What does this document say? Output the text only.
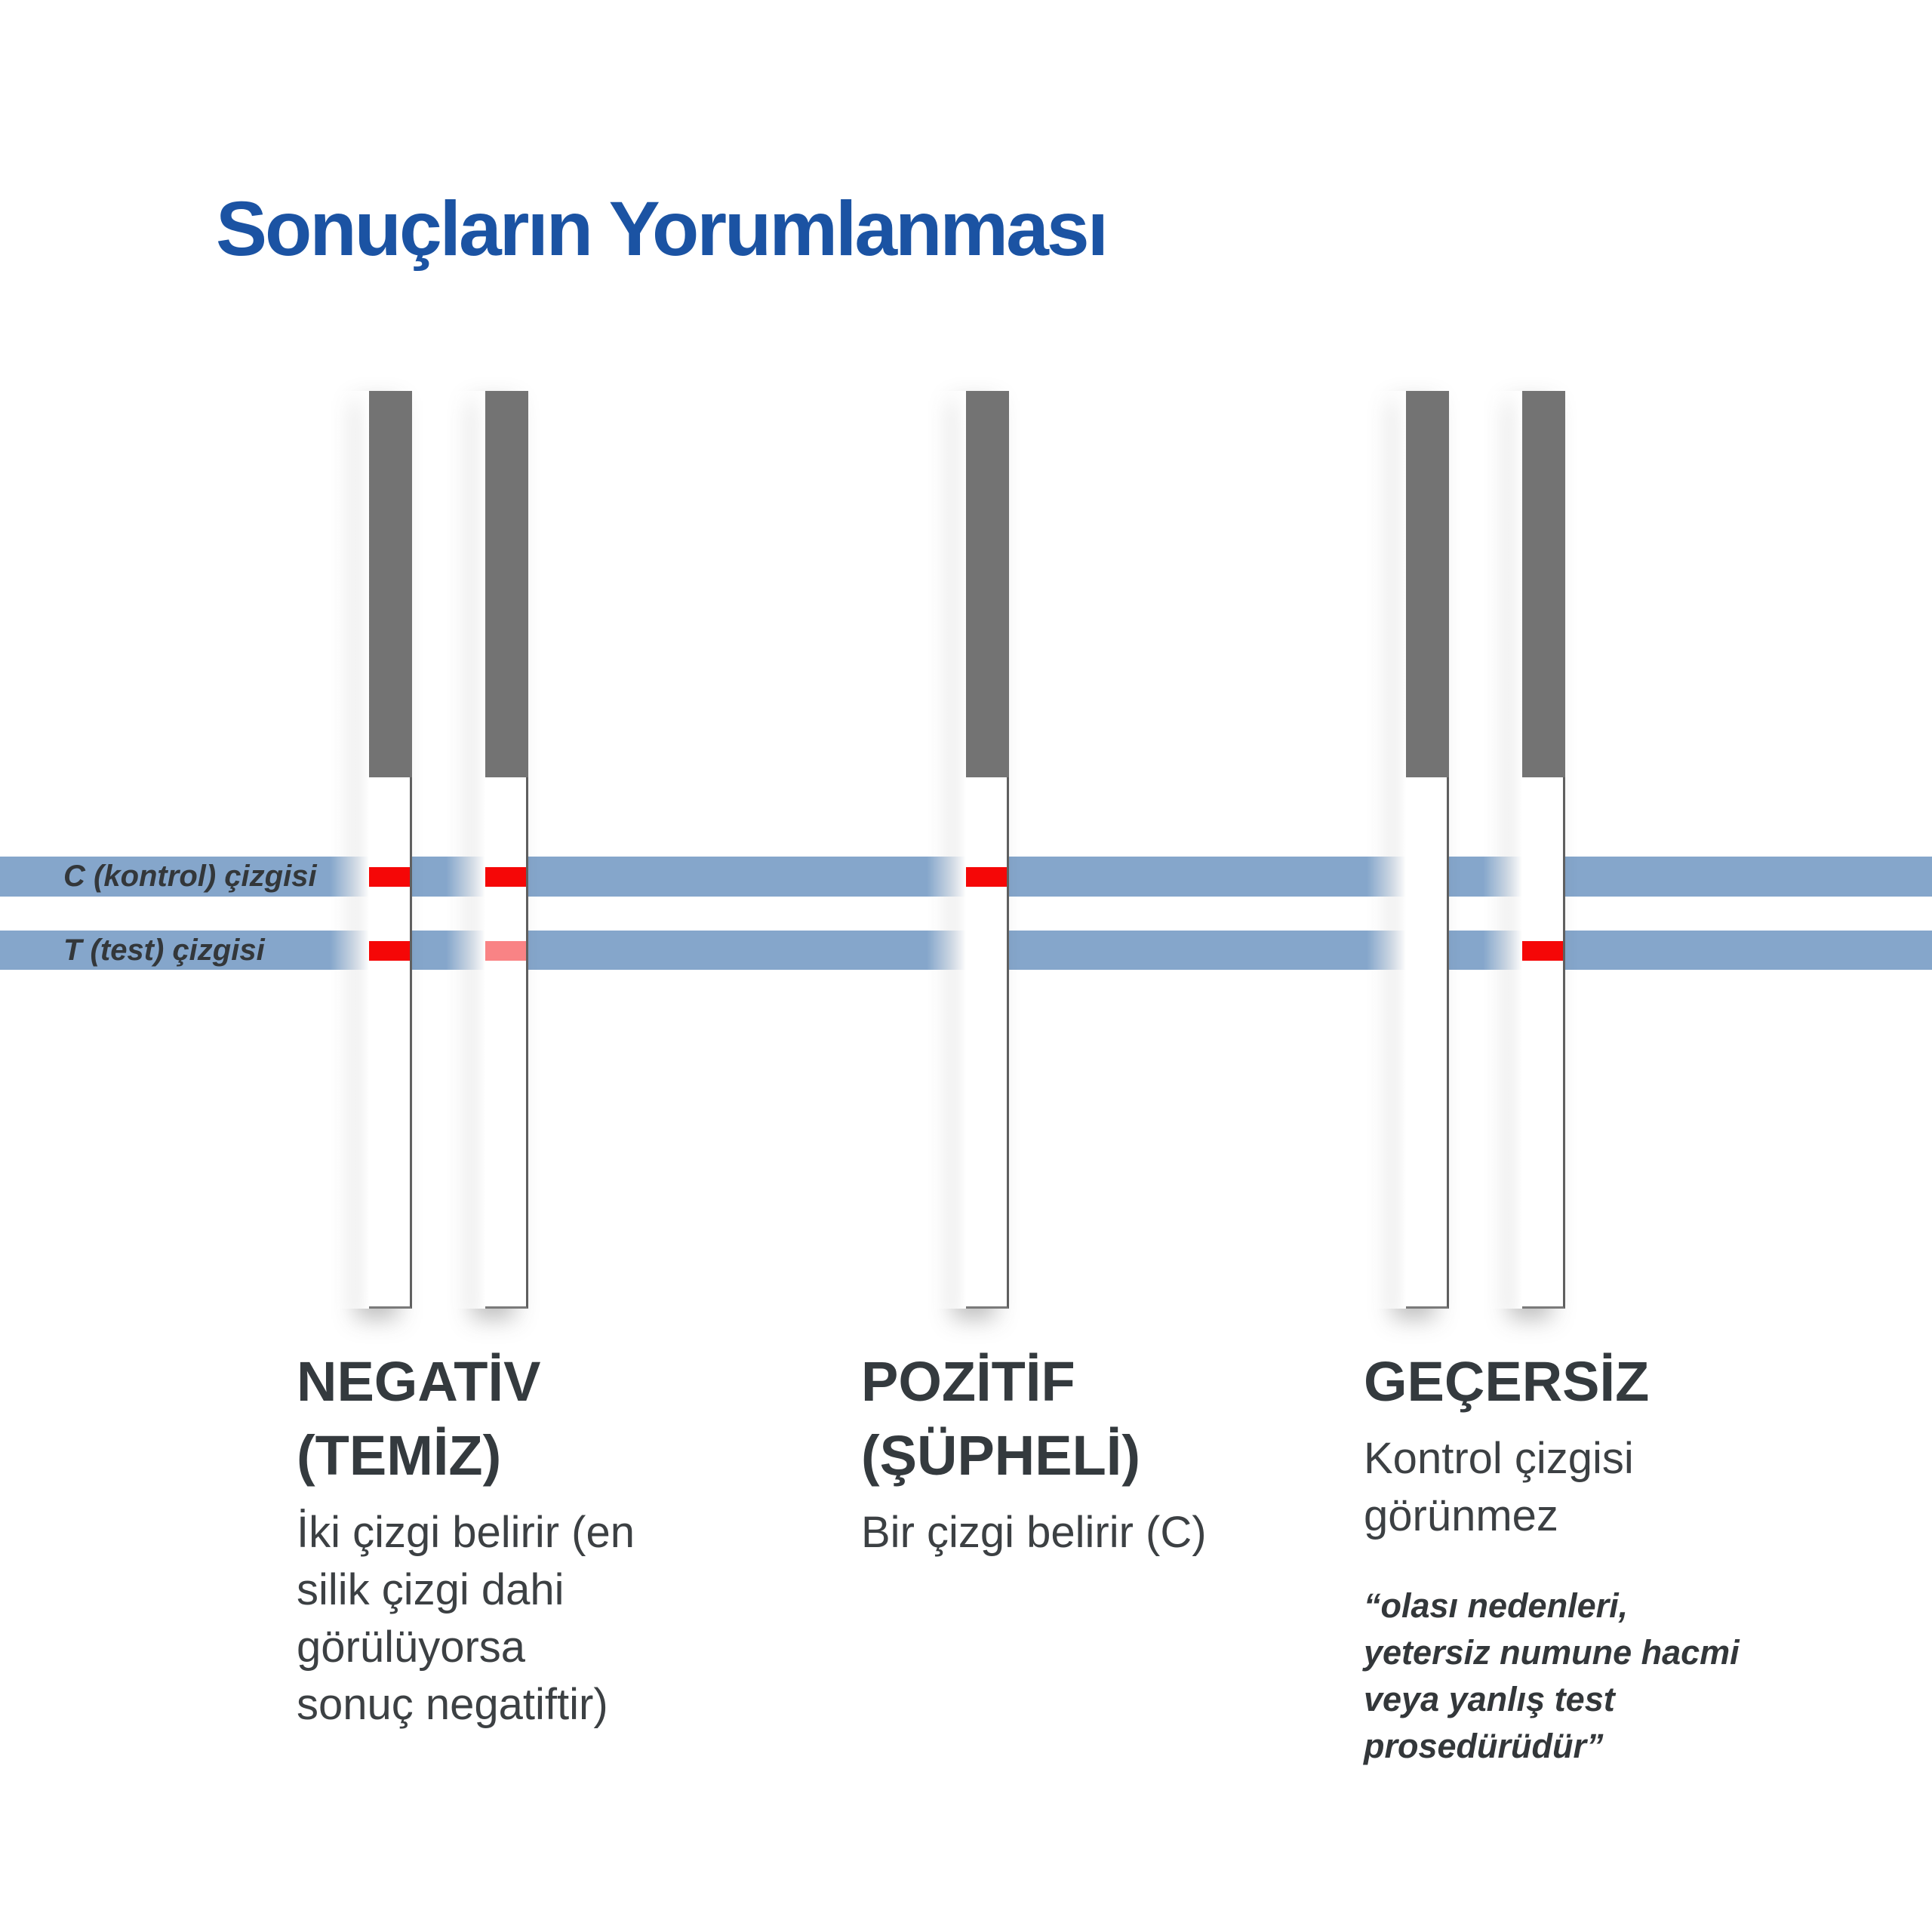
Sonuçların Yorumlanması
C (kontrol) çizgisi
T (test) çizgisi
NEGATİV
(TEMİZ)
İki çizgi belirir (en
silik çizgi dahi
görülüyorsa
sonuç negatiftir)
POZİTİF
(ŞÜPHELİ)
Bir çizgi belirir (C)
GEÇERSİZ
Kontrol çizgisi
görünmez
“olası nedenleri,
yetersiz numune hacmi
veya yanlış test
prosedürüdür”
